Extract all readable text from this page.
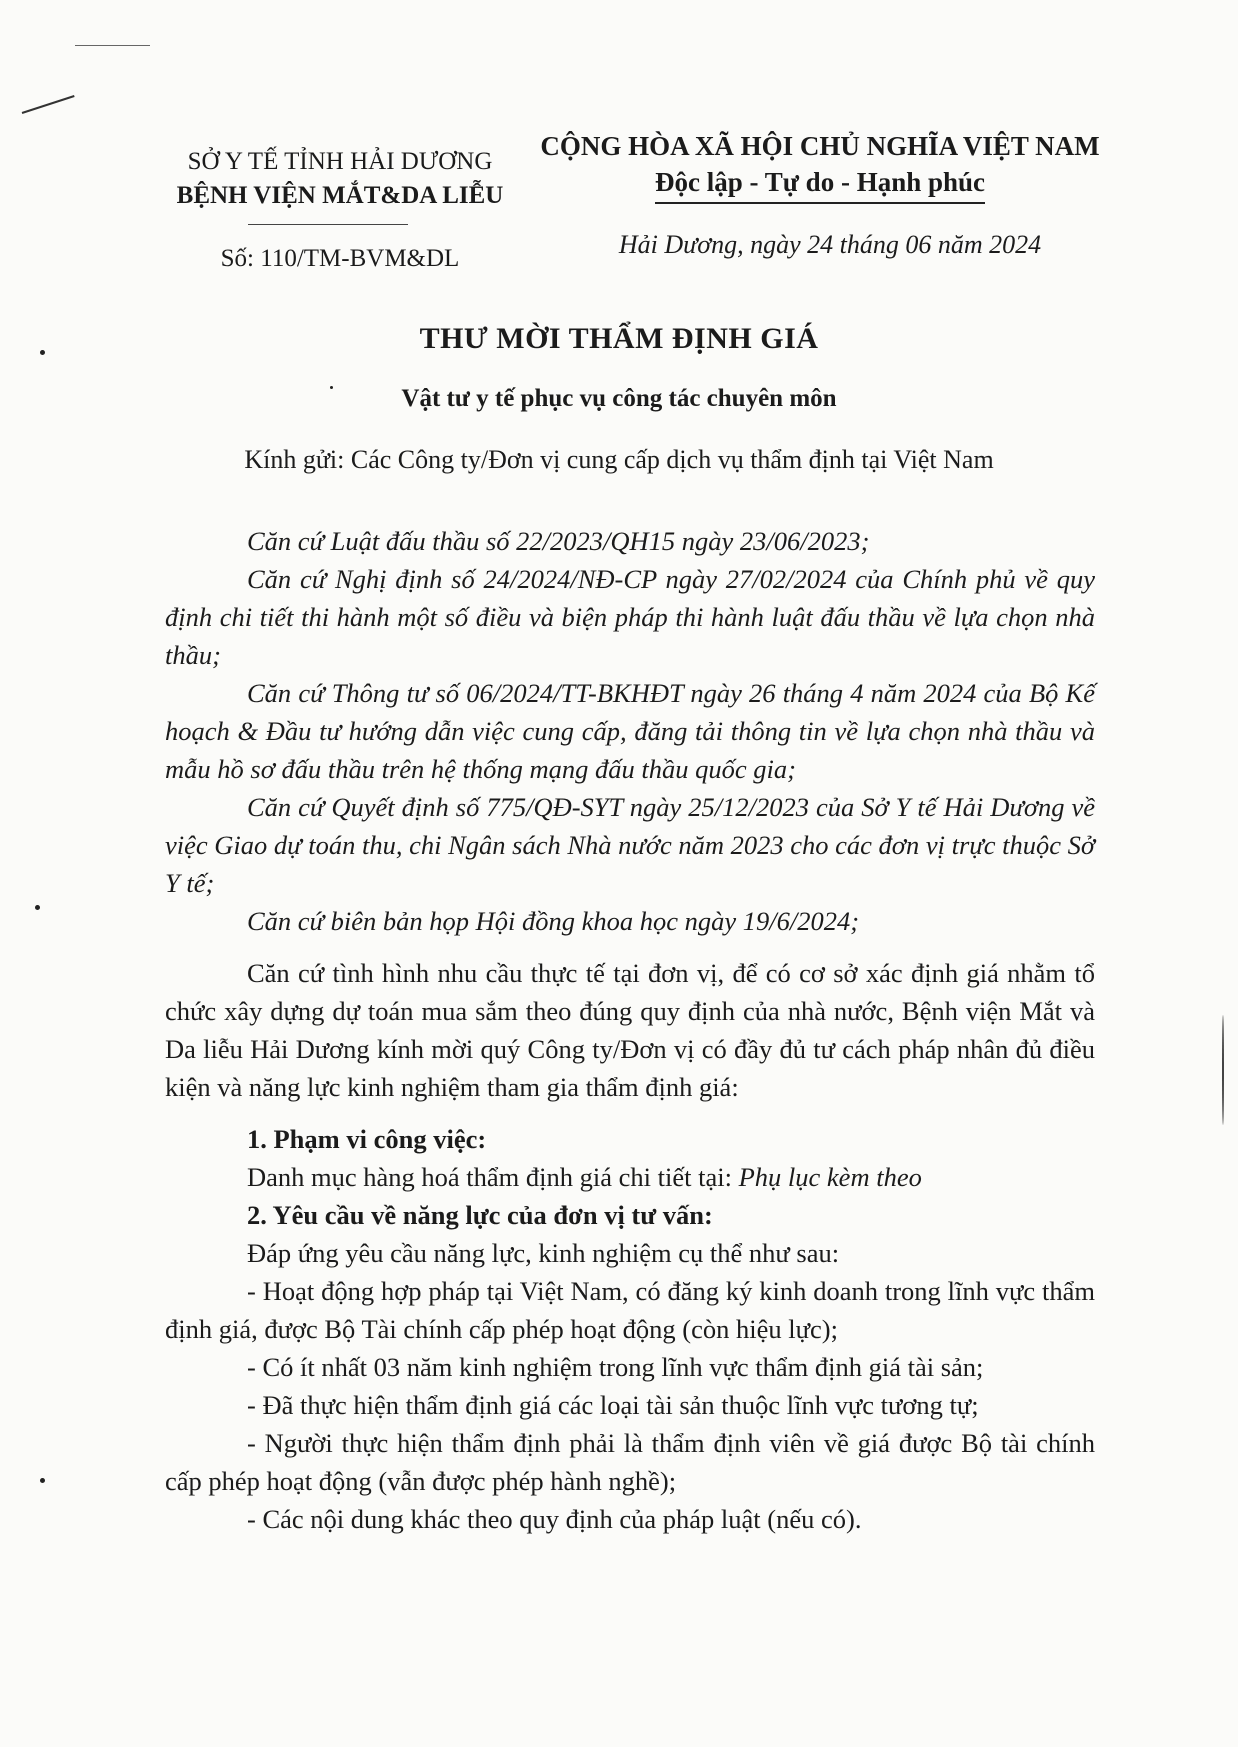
SỞ Y TẾ TỈNH HẢI DƯƠNG
BỆNH VIỆN MẮT&DA LIỄU
CỘNG HÒA XÃ HỘI CHỦ NGHĨA VIỆT NAM
Độc lập - Tự do - Hạnh phúc
Số: 110/TM-BVM&DL	Hải Dương, ngày 24 tháng 06 năm 2024
THƯ MỜI THẨM ĐỊNH GIÁ
Vật tư y tế phục vụ công tác chuyên môn
Kính gửi: Các Công ty/Đơn vị cung cấp dịch vụ thẩm định tại Việt Nam

Căn cứ Luật đấu thầu số 22/2023/QH15 ngày 23/06/2023;

Căn cứ Nghị định số 24/2024/NĐ-CP ngày 27/02/2024 của Chính phủ về quy định chi tiết thi hành một số điều và biện pháp thi hành luật đấu thầu về lựa chọn nhà thầu;

Căn cứ Thông tư số 06/2024/TT-BKHĐT ngày 26 tháng 4 năm 2024 của Bộ Kế hoạch & Đầu tư hướng dẫn việc cung cấp, đăng tải thông tin về lựa chọn nhà thầu và mẫu hồ sơ đấu thầu trên hệ thống mạng đấu thầu quốc gia;

Căn cứ Quyết định số 775/QĐ-SYT ngày 25/12/2023 của Sở Y tế Hải Dương về việc Giao dự toán thu, chi Ngân sách Nhà nước năm 2023 cho các đơn vị trực thuộc Sở Y tế;

Căn cứ biên bản họp Hội đồng khoa học ngày 19/6/2024;

Căn cứ tình hình nhu cầu thực tế tại đơn vị, để có cơ sở xác định giá nhằm tổ chức xây dựng dự toán mua sắm theo đúng quy định của nhà nước, Bệnh viện Mắt và Da liễu Hải Dương kính mời quý Công ty/Đơn vị có đầy đủ tư cách pháp nhân đủ điều kiện và năng lực kinh nghiệm tham gia thẩm định giá:

1. Phạm vi công việc:

Danh mục hàng hoá thẩm định giá chi tiết tại: Phụ lục kèm theo

2. Yêu cầu về năng lực của đơn vị tư vấn:

Đáp ứng yêu cầu năng lực, kinh nghiệm cụ thể như sau:

- Hoạt động hợp pháp tại Việt Nam, có đăng ký kinh doanh trong lĩnh vực thẩm định giá, được Bộ Tài chính cấp phép hoạt động (còn hiệu lực);

- Có ít nhất 03 năm kinh nghiệm trong lĩnh vực thẩm định giá tài sản;

- Đã thực hiện thẩm định giá các loại tài sản thuộc lĩnh vực tương tự;

- Người thực hiện thẩm định phải là thẩm định viên về giá được Bộ tài chính cấp phép hoạt động (vẫn được phép hành nghề);

- Các nội dung khác theo quy định của pháp luật (nếu có).
